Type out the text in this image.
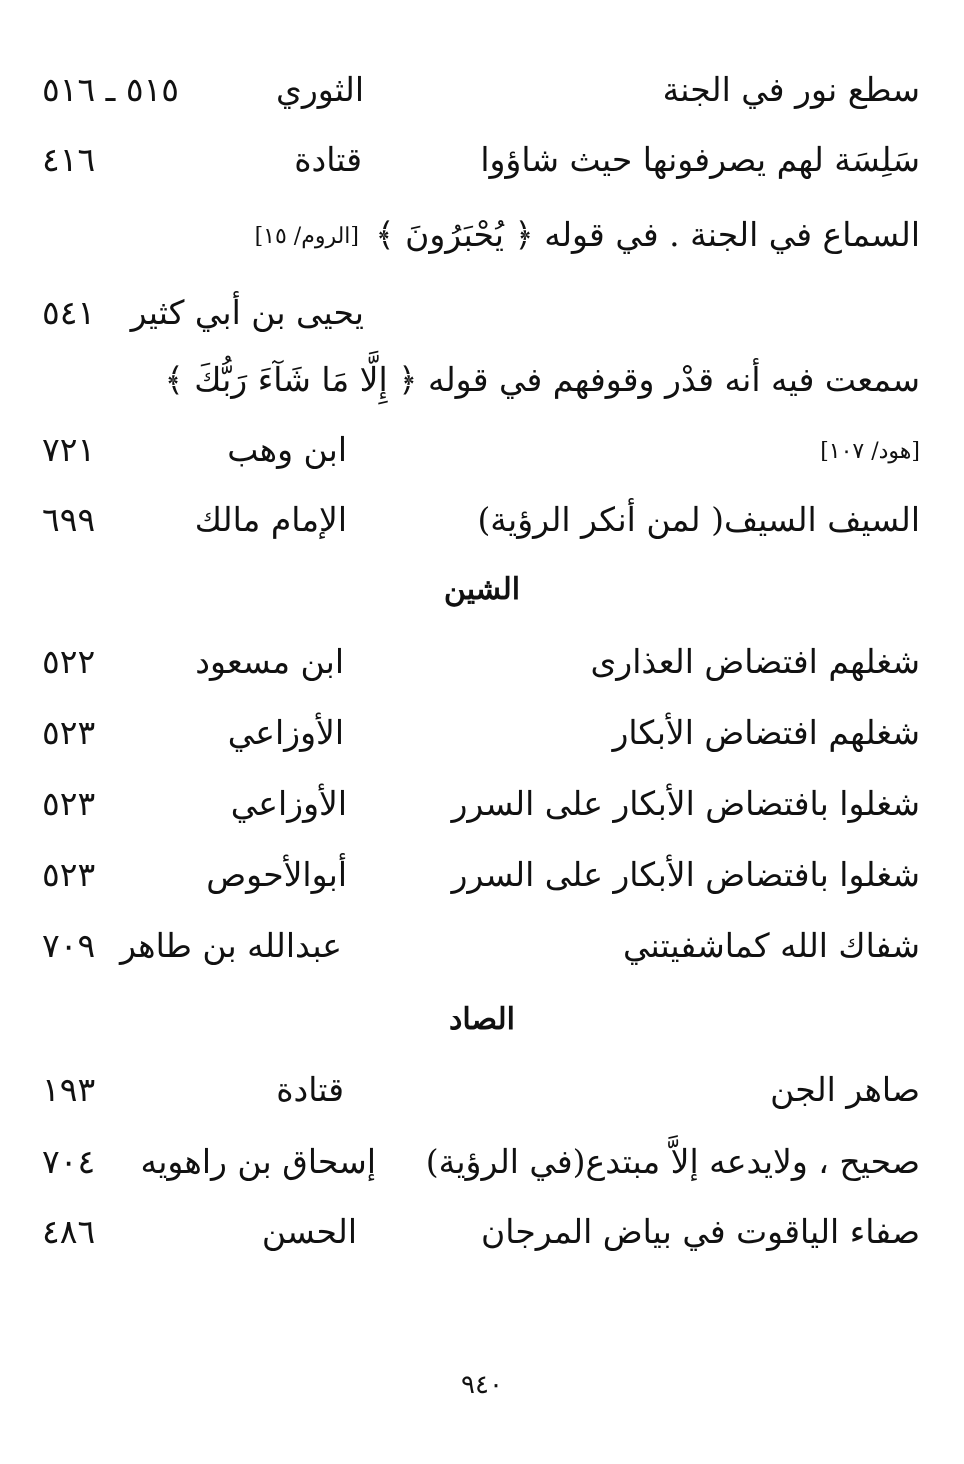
سطع نور في الجنة
الثوري
٥١٥ ـ ٥١٦
سَلِسَة لهم يصرفونها حيث شاؤوا
قتادة
٤١٦
السماع في الجنة . في قوله ﴿ يُحْبَرُونَ ﴾
[الروم/ ١٥]
يحيى بن أبي كثير
٥٤١
سمعت فيه أنه قدْر وقوفهم في قوله ﴿ إِلَّا مَا شَآءَ رَبُّكَ ﴾
[هود/ ١٠٧]
ابن وهب
٧٢١
السيف السيف( لمن أنكر الرؤية)
الإمام مالك
٦٩٩
الشين
شغلهم افتضاض العذارى
ابن مسعود
٥٢٢
شغلهم افتضاض الأبكار
الأوزاعي
٥٢٣
شغلوا بافتضاض الأبكار على السرر
الأوزاعي
٥٢٣
شغلوا بافتضاض الأبكار على السرر
أبوالأحوص
٥٢٣
شفاك الله كماشفيتني
عبدالله بن طاهر
٧٠٩
الصاد
صاهر الجن
قتادة
١٩٣
صحيح ، ولايدعه إلاَّ مبتدع(في الرؤية)
إسحاق بن راهويه
٧٠٤
صفاء الياقوت في بياض المرجان
الحسن
٤٨٦
٩٤٠
